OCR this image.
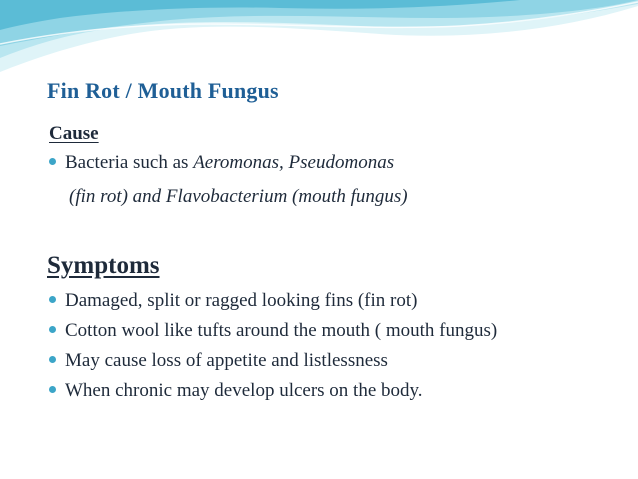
Fin Rot / Mouth Fungus
Cause
Bacteria such as Aeromonas, Pseudomonas
(fin rot) and Flavobacterium (mouth fungus)
Symptoms
Damaged, split or ragged looking fins (fin rot)
Cotton wool like tufts around the mouth ( mouth fungus)
May cause loss of appetite and listlessness
When chronic may develop ulcers on the body.
